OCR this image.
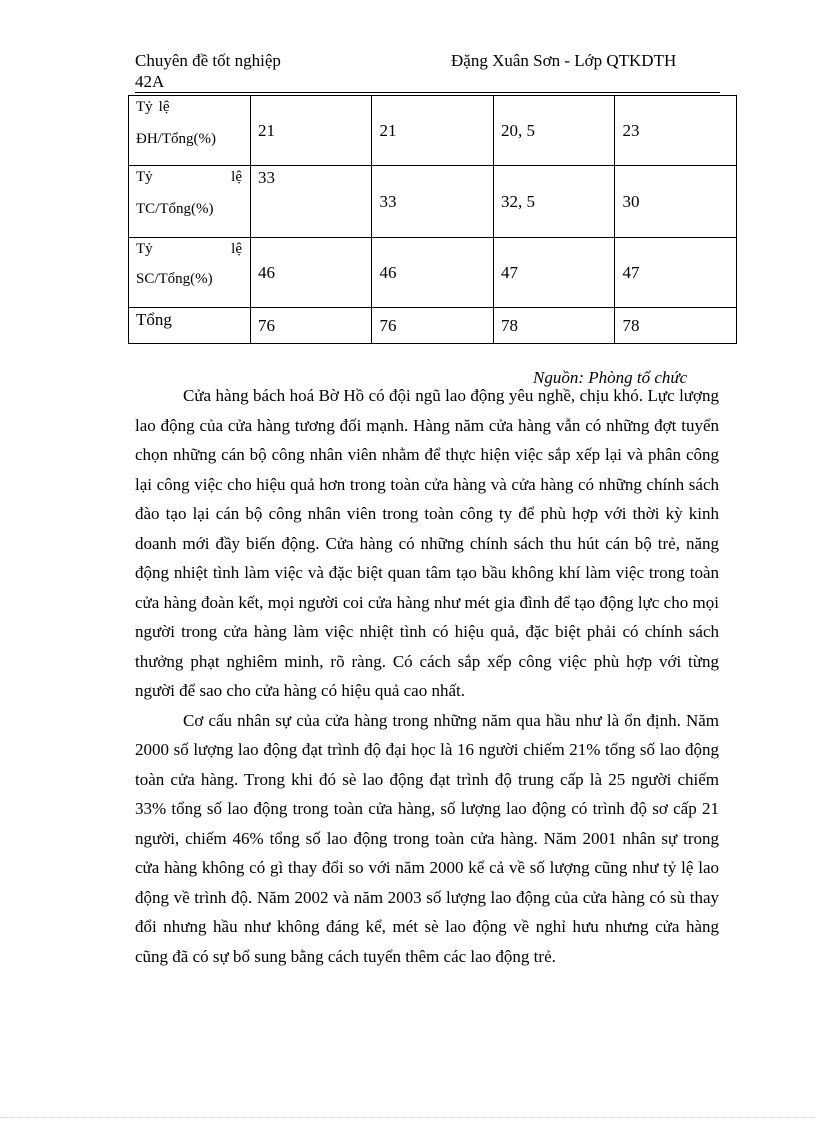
Chuyên đề tốt nghiệp
42A
Đặng Xuân Sơn - Lớp QTKDTH
Tỷ lệ
ĐH/Tổng(%)	21	21	20, 5	23

Tỷ lệ
TC/Tổng(%)	33	33	32, 5	30

Tỷ lệ
SC/Tổng(%)	46	46	47	47
Tổng	76	76	78	78
Nguồn: Phòng tổ chức

Cửa hàng bách hoá Bờ Hồ có đội ngũ lao động yêu nghề, chịu khó. Lực lượng lao động của cửa hàng tương đối mạnh. Hàng năm cửa hàng vẫn có những đợt tuyển chọn những cán bộ công nhân viên nhằm để thực hiện việc sắp xếp lại và phân công lại công việc cho hiệu quả hơn trong toàn cửa hàng và cửa hàng có những chính sách đào tạo lại cán bộ công nhân viên trong toàn công ty để phù hợp với thời kỳ kinh doanh mới đầy biến động. Cửa hàng có những chính sách thu hút cán bộ trẻ, năng động nhiệt tình làm việc và đặc biệt quan tâm tạo bầu không khí làm việc trong toàn cửa hàng đoàn kết, mọi người coi cửa hàng như mét gia đình để tạo động lực cho mọi người trong cửa hàng làm việc nhiệt tình có hiệu quả, đặc biệt phải có chính sách thưởng phạt nghiêm minh, rõ ràng. Có cách sắp xếp công việc phù hợp với từng người để sao cho cửa hàng có hiệu quả cao nhất.

Cơ cấu nhân sự của cửa hàng trong những năm qua hầu như là ổn định. Năm 2000 số lượng lao động đạt trình độ đại học là 16 người chiếm 21% tổng số lao động toàn cửa hàng. Trong khi đó sè lao động đạt trình độ trung cấp là 25 người chiếm 33% tổng số lao động trong toàn cửa hàng, số lượng lao động có trình độ sơ cấp 21 người, chiếm 46% tổng số lao động trong toàn cửa hàng. Năm 2001 nhân sự trong cửa hàng không có gì thay đổi so với năm 2000 kể cả về số lượng cũng như tỷ lệ lao động về trình độ. Năm 2002 và năm 2003 số lượng lao động của cửa hàng có sù thay đổi nhưng hầu như không đáng kể, mét sè lao động về nghỉ hưu nhưng cửa hàng cũng đã có sự bổ sung bằng cách tuyển thêm các lao động trẻ.
